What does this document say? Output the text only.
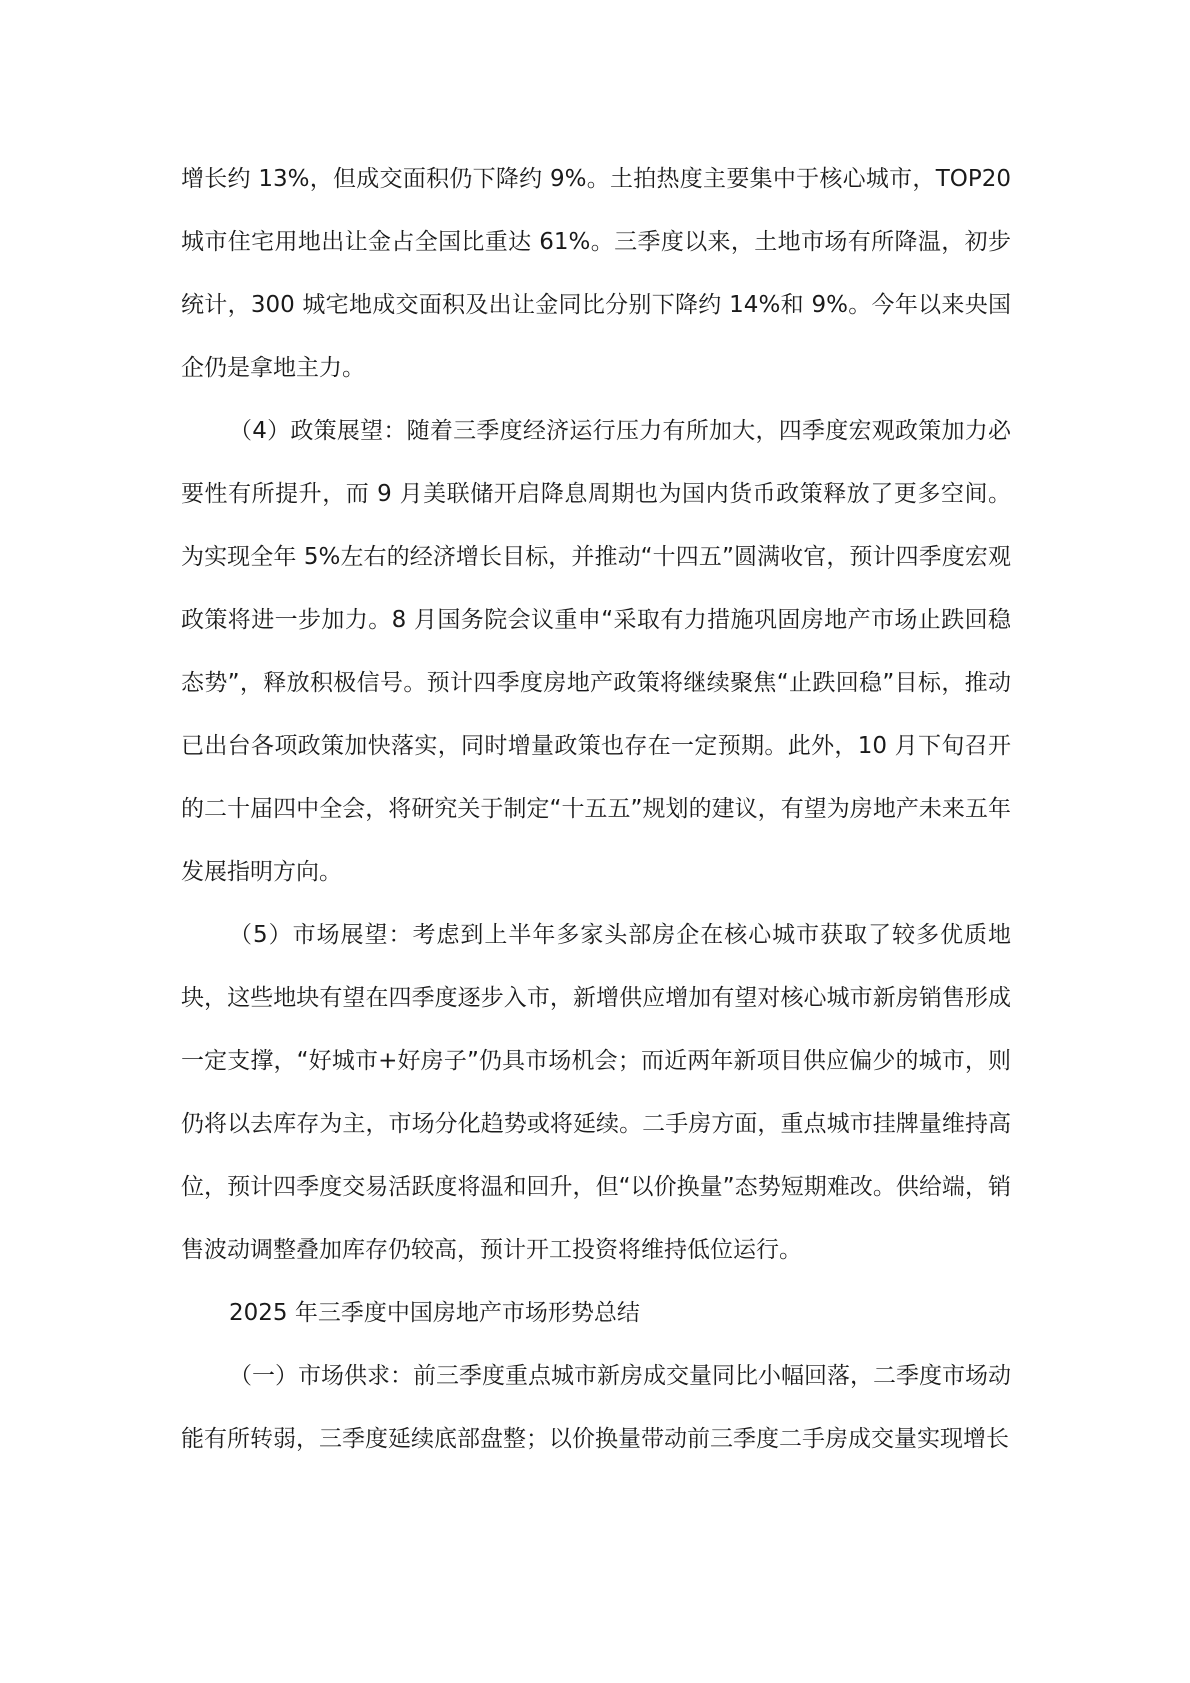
增长约 13%，但成交面积仍下降约 9%。土拍热度主要集中于核心城市，TOP20 城市住宅用地出让金占全国比重达 61%。三季度以来，土地市场有所降温，初步统计，300 城宅地成交面积及出让金同比分别下降约 14%和 9%。今年以来央国企仍是拿地主力。

（4）政策展望：随着三季度经济运行压力有所加大，四季度宏观政策加力必要性有所提升，而 9 月美联储开启降息周期也为国内货币政策释放了更多空间。为实现全年 5%左右的经济增长目标，并推动“十四五”圆满收官，预计四季度宏观政策将进一步加力。8 月国务院会议重申“采取有力措施巩固房地产市场止跌回稳态势”，释放积极信号。预计四季度房地产政策将继续聚焦“止跌回稳”目标，推动已出台各项政策加快落实，同时增量政策也存在一定预期。此外，10 月下旬召开的二十届四中全会，将研究关于制定“十五五”规划的建议，有望为房地产未来五年发展指明方向。

（5）市场展望：考虑到上半年多家头部房企在核心城市获取了较多优质地块，这些地块有望在四季度逐步入市，新增供应增加有望对核心城市新房销售形成一定支撑，“好城市+好房子”仍具市场机会；而近两年新项目供应偏少的城市，则仍将以去库存为主，市场分化趋势或将延续。二手房方面，重点城市挂牌量维持高位，预计四季度交易活跃度将温和回升，但“以价换量”态势短期难改。供给端，销售波动调整叠加库存仍较高，预计开工投资将维持低位运行。

2025 年三季度中国房地产市场形势总结

（一）市场供求：前三季度重点城市新房成交量同比小幅回落，二季度市场动能有所转弱，三季度延续底部盘整；以价换量带动前三季度二手房成交量实现增长
